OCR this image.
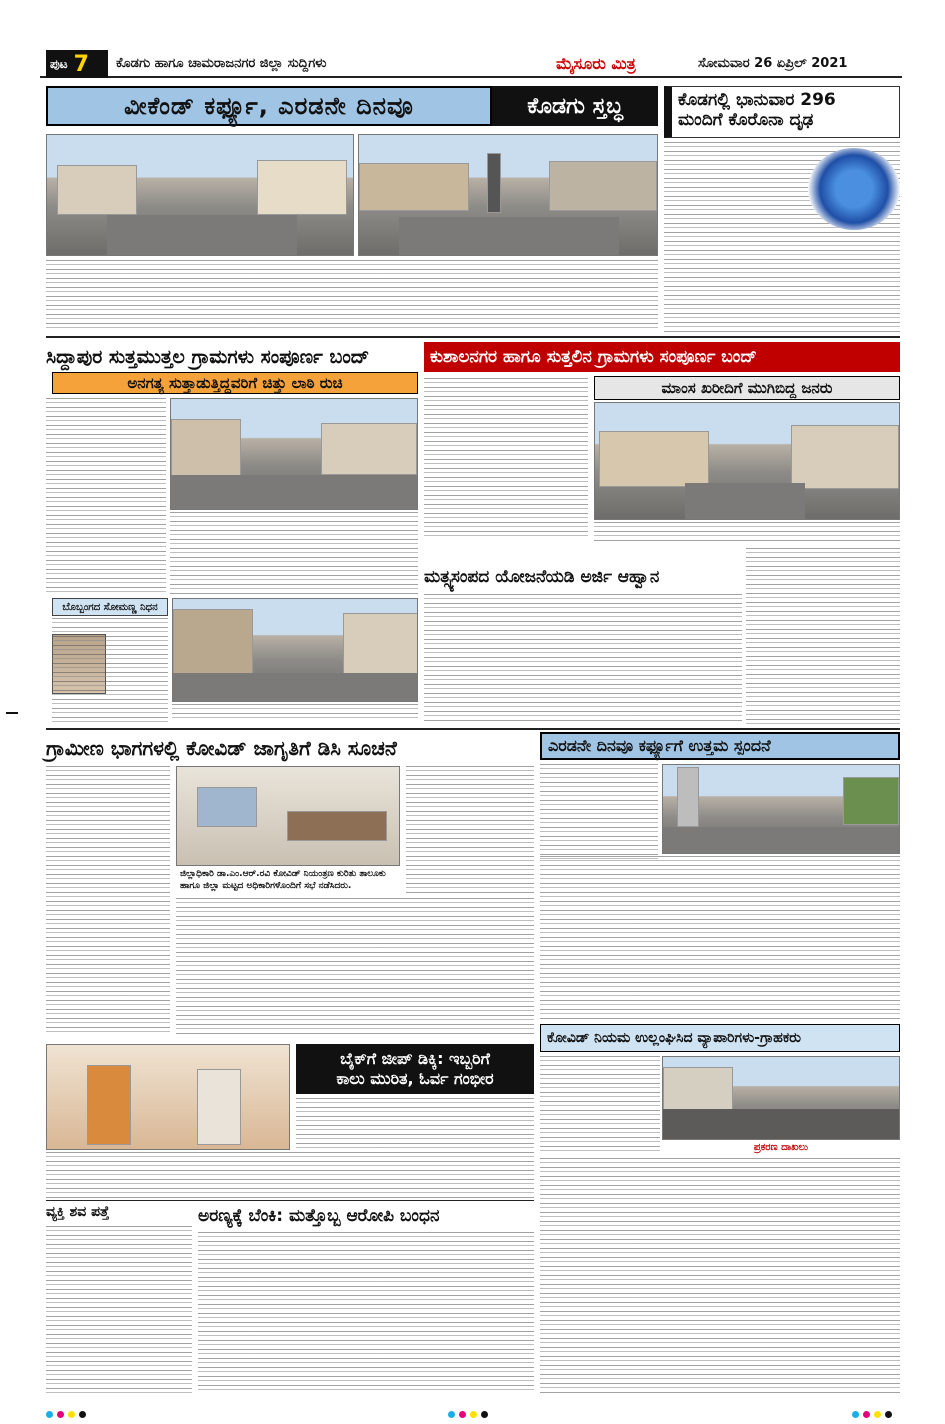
ಪುಟ 7 ಕೊಡಗು ಹಾಗೂ ಚಾಮರಾಜನಗರ ಜಿಲ್ಲಾ ಸುದ್ದಿಗಳು	ಮೈಸೂರು ಮಿತ್ರ	ಸೋಮವಾರ 26 ಏಪ್ರಿಲ್ 2021
ವೀಕೆಂಡ್ ಕರ್ಫ್ಯೂ, ಎರಡನೇ ದಿನವೂ	ಕೊಡಗು ಸ್ತಬ್ಧ	ಕೊಡಗಲ್ಲಿ ಭಾನುವಾರ 296
ಮಂದಿಗೆ ಕೊರೊನಾ ದೃಢ
ಸಿದ್ದಾಪುರ ಸುತ್ತಮುತ್ತಲ ಗ್ರಾಮಗಳು ಸಂಪೂರ್ಣ ಬಂದ್
ಅನಗತ್ಯ ಸುತ್ತಾಡುತ್ತಿದ್ದವರಿಗೆ ಚಿತ್ತು ಲಾಠಿ ರುಚಿ
ಕುಶಾಲನಗರ ಹಾಗೂ ಸುತ್ತಲಿನ ಗ್ರಾಮಗಳು ಸಂಪೂರ್ಣ ಬಂದ್
ಮಾಂಸ ಖರೀದಿಗೆ ಮುಗಿಬಿದ್ದ ಜನರು
ಮತ್ಸ್ಯಸಂಪದ ಯೋಜನೆಯಡಿ ಅರ್ಜಿ ಆಹ್ವಾನ
ಬೊಬ್ಬಂಗದ ಸೋಮಣ್ಣ ನಿಧನ
ಗ್ರಾಮೀಣ ಭಾಗಗಳಲ್ಲಿ ಕೋವಿಡ್ ಜಾಗೃತಿಗೆ ಡಿಸಿ ಸೂಚನೆ
ಜಿಲ್ಲಾಧಿಕಾರಿ ಡಾ.ಎಂ.ಆರ್.ರವಿ ಕೋವಿಡ್ ನಿಯಂತ್ರಣ ಕುರಿತು ತಾಲೂಕು ಹಾಗೂ ಜಿಲ್ಲಾ ಮಟ್ಟದ ಅಧಿಕಾರಿಗಳೊಂದಿಗೆ ಸಭೆ ನಡೆಸಿದರು.
ಎರಡನೇ ದಿನವೂ ಕರ್ಫ್ಯೂಗೆ ಉತ್ತಮ ಸ್ಪಂದನೆ
ಕೋವಿಡ್ ನಿಯಮ ಉಲ್ಲಂಘಿಸಿದ ವ್ಯಾಪಾರಿಗಳು-ಗ್ರಾಹಕರು
ಪ್ರಕರಣ ದಾಖಲು
ಬೈಕ್‌ಗೆ ಜೀಪ್ ಡಿಕ್ಕಿ: ಇಬ್ಬರಿಗೆ
ಕಾಲು ಮುರಿತ, ಓರ್ವ ಗಂಭೀರ
ವ್ಯಕ್ತಿ ಶವ ಪತ್ತೆ	ಅರಣ್ಯಕ್ಕೆ ಬೆಂಕಿ: ಮತ್ತೊಬ್ಬ ಆರೋಪಿ ಬಂಧನ
